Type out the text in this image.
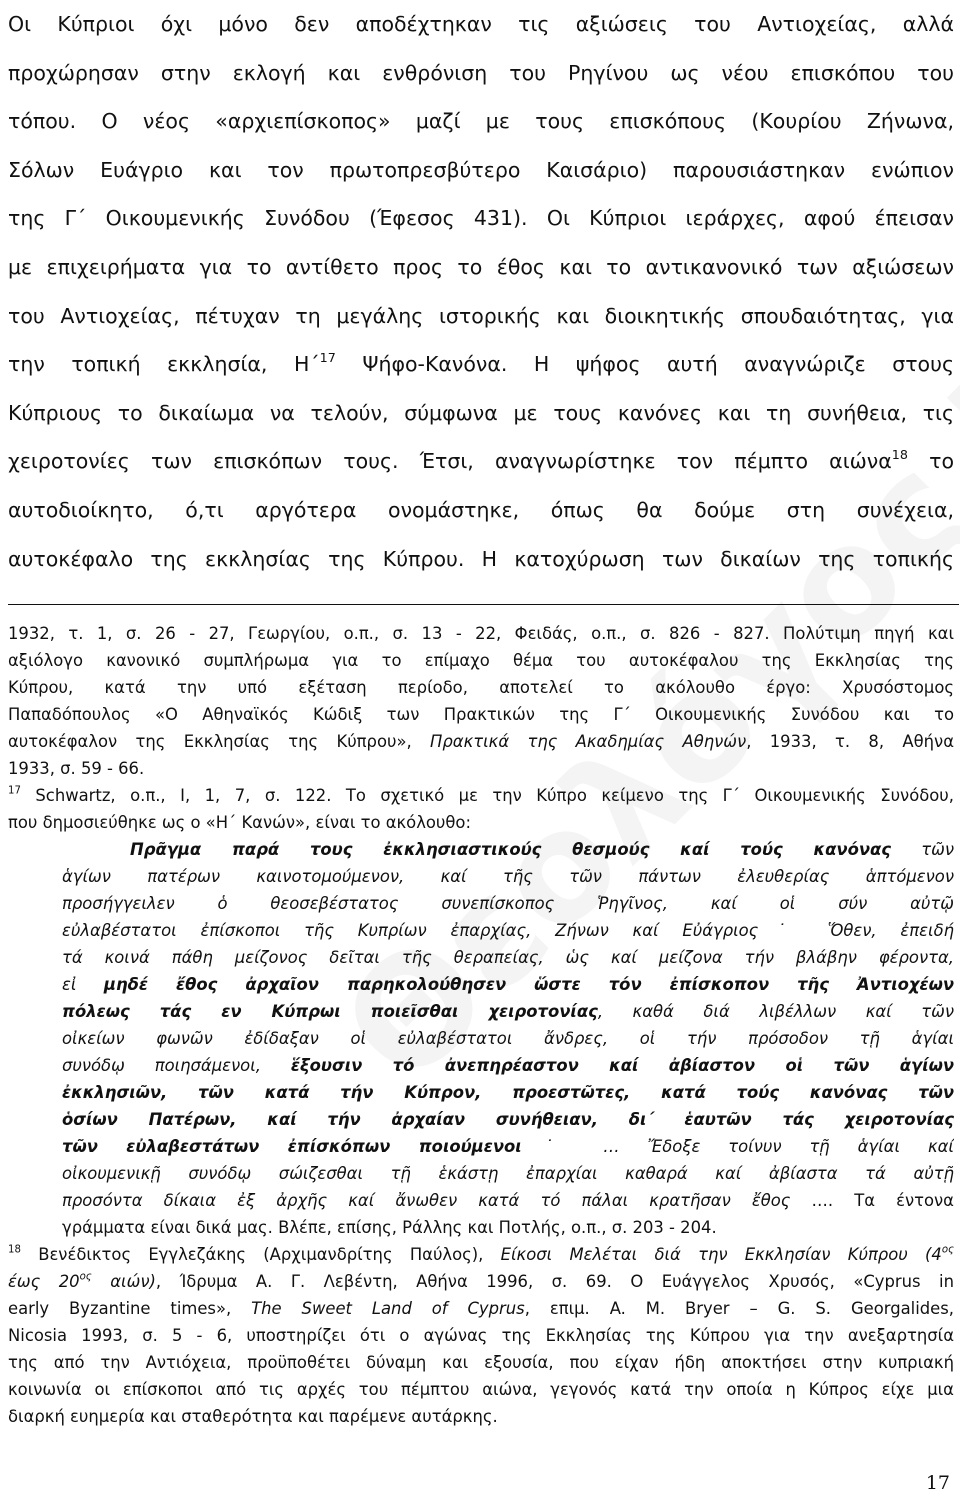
Οι Κύπριοι όχι μόνο δεν αποδέχτηκαν τις αξιώσεις του Αντιοχείας, αλλά
προχώρησαν στην εκλογή και ενθρόνιση του Ρηγίνου ως νέου επισκόπου του
τόπου. Ο νέος «αρχιεπίσκοπος» μαζί με τους επισκόπους (Κουρίου Ζήνωνα,
Σόλων Ευάγριο και τον πρωτοπρεσβύτερο Καισάριο) παρουσιάστηκαν ενώπιον
της Γ΄ Οικουμενικής Συνόδου (Έφεσος 431). Οι Κύπριοι ιεράρχες, αφού έπεισαν
με επιχειρήματα για το αντίθετο προς το έθος και το αντικανονικό των αξιώσεων
του Αντιοχείας, πέτυχαν τη μεγάλης ιστορικής και διοικητικής σπουδαιότητας, για
την τοπική εκκλησία, Η΄$^{17}$ Ψήφο-Κανόνα. Η ψήφος αυτή αναγνώριζε στους
Κύπριους το δικαίωμα να τελούν, σύμφωνα με τους κανόνες και τη συνήθεια, τις
χειροτονίες των επισκόπων τους. Έτσι, αναγνωρίστηκε τον πέμπτο αιώνα$^{18}$ το
αυτοδιοίκητο, ό,τι αργότερα ονομάστηκε, όπως θα δούμε στη συνέχεια,
αυτοκέφαλο της εκκλησίας της Κύπρου. Η κατοχύρωση των δικαίων της τοπικής
1932, τ. 1, σ. 26 - 27, Γεωργίου, ο.π., σ. 13 - 22, Φειδάς, ο.π., σ. 826 - 827. Πολύτιμη πηγή και
αξιόλογο κανονικό συμπλήρωμα για το επίμαχο θέμα του αυτοκέφαλου της Εκκλησίας της
Κύπρου, κατά την υπό εξέταση περίοδο, αποτελεί το ακόλουθο έργο: Χρυσόστομος
Παπαδόπουλος «Ο Αθηναϊκός Κώδιξ των Πρακτικών της Γ΄ Οικουμενικής Συνόδου και το
αυτοκέφαλον της Εκκλησίας της Κύπρου», Πρακτικά της Ακαδημίας Αθηνών, 1933, τ. 8, Αθήνα
1933, σ. 59 - 66.
$^{17}$ Schwartz, ο.π., Ι, 1, 7, σ. 122. Το σχετικό με την Κύπρο κείμενο της Γ΄ Οικουμενικής Συνόδου,
που δημοσιεύθηκε ως ο «Η΄ Κανών», είναι το ακόλουθο:
Πρᾶγμα παρά τους ἐκκλησιαστικούς θεσμούς καί τούς κανόνας τῶν
ἁγίων πατέρων καινοτομούμενον, καί τῆς τῶν πάντων ἐλευθερίας ἁπτόμενον
προσήγγειλεν ὁ θεοσεβέστατος συνεπίσκοπος Ῥηγῖνος, καί οἱ σύν αὐτῷ
εὐλαβέστατοι ἐπίσκοποι τῆς Κυπρίων ἐπαρχίας, Ζήνων καί Εὐάγριος˙ Ὅθεν, ἐπειδή
τά κοινά πάθη μείζονος δεῖται τῆς θεραπείας, ὡς καί μείζονα τήν βλάβην φέροντα,
εἰ μηδέ ἔθος ἀρχαῖον παρηκολούθησεν ὥστε τόν ἐπίσκοπον τῆς Ἀντιοχέων
πόλεως τάς εν Κύπρωι ποιεῖσθαι χειροτονίας, καθά διά λιβέλλων καί τῶν
οἰκείων φωνῶν ἐδίδαξαν οἱ εὐλαβέστατοι ἄνδρες, οἱ τήν πρόσοδον τῇ ἁγίαι
συνόδῳ ποιησάμενοι, ἕξουσιν τό ἀνεπηρέαστον καί ἀβίαστον οἱ τῶν ἁγίων
ἐκκλησιῶν, τῶν κατά τήν Κύπρον, προεστῶτες, κατά τούς κανόνας τῶν
ὁσίων Πατέρων, καί τήν ἀρχαίαν συνήθειαν, δι΄ ἑαυτῶν τάς χειροτονίας
τῶν εὐλαβεστάτων ἐπίσκόπων ποιούμενοι˙ … Ἔδοξε τοίνυν τῇ ἁγίαι καί
οἰκουμενικῇ συνόδῳ σώιζεσθαι τῇ ἑκάστῃ ἐπαρχίαι καθαρά καί ἀβίαστα τά αὐτῇ
προσόντα δίκαια ἐξ ἀρχῆς καί ἄνωθεν κατά τό πάλαι κρατῆσαν ἔθος …. Τα έντονα
γράμματα είναι δικά μας. Βλέπε, επίσης, Ράλλης και Ποτλής, ο.π., σ. 203 - 204.
$^{18}$ Βενέδικτος Εγγλεζάκης (Αρχιμανδρίτης Παύλος), Είκοσι Μελέται διά την Εκκλησίαν Κύπρου ($4^{o\varsigma}$
έως $20^{o\varsigma}$ αιών), Ίδρυμα Α. Γ. Λεβέντη, Αθήνα 1996, σ. 69. Ο Ευάγγελος Χρυσός, «Cyprus in
early Byzantine times», The Sweet Land of Cyprus, επιμ. A. M. Bryer – G. S. Georgalides,
Nicosia 1993, σ. 5 - 6, υποστηρίζει ότι ο αγώνας της Εκκλησίας της Κύπρου για την ανεξαρτησία
της από την Αντιόχεια, προϋποθέτει δύναμη και εξουσία, που είχαν ήδη αποκτήσει στην κυπριακή
κοινωνία οι επίσκοποι από τις αρχές του πέμπτου αιώνα, γεγονός κατά την οποία η Κύπρος είχε μια
διαρκή ευημερία και σταθερότητα και παρέμενε αυτάρκης.
17
